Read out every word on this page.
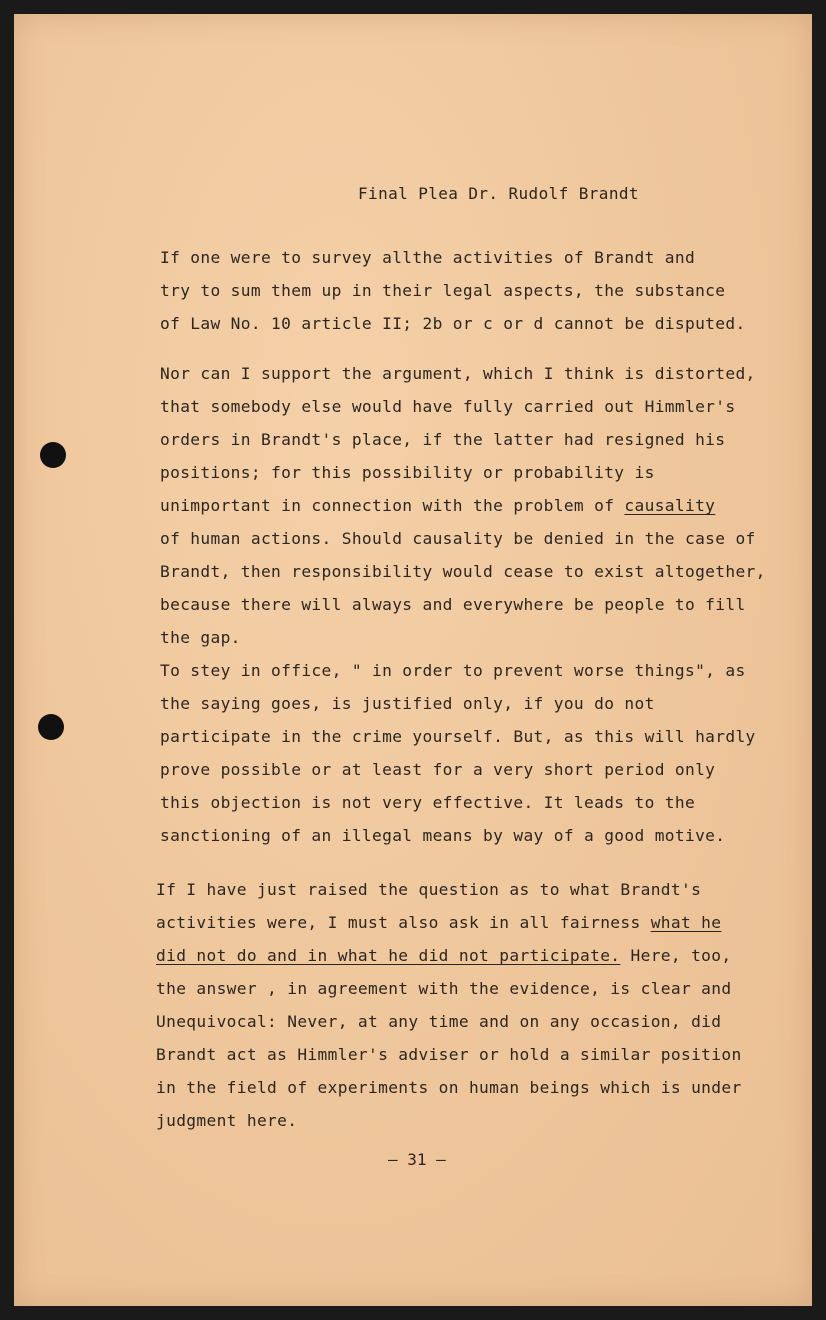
Final Plea Dr. Rudolf Brandt
If one were to survey allthe activities of Brandt and
try to sum them up in their legal aspects, the substance
of Law No. 10 article II; 2b or c or d cannot be disputed.
Nor can I support the argument, which I think is distorted,
that somebody else would have fully carried out Himmler's
orders in Brandt's place, if the latter had resigned his
positions; for this possibility or probability is
unimportant in connection with the problem of causality
of human actions. Should causality be denied in the case of
Brandt, then responsibility would cease to exist altogether,
because there will always and everywhere be people to fill
the gap.
To stey in office, " in order to prevent worse things", as
the saying goes, is justified only, if you do not
participate in the crime yourself. But, as this will hardly
prove possible or at least for a very short period only
this objection is not very effective. It leads to the
sanctioning of an illegal means by way of a good motive.
If I have just raised the question as to what Brandt's
activities were, I must also ask in all fairness what he
did not do and in what he did not participate. Here, too,
the answer , in agreement with the evidence, is clear and
Unequivocal: Never, at any time and on any occasion, did
Brandt act as Himmler's adviser or hold a similar position
in the field of experiments on human beings which is under
judgment here.
– 31 –
